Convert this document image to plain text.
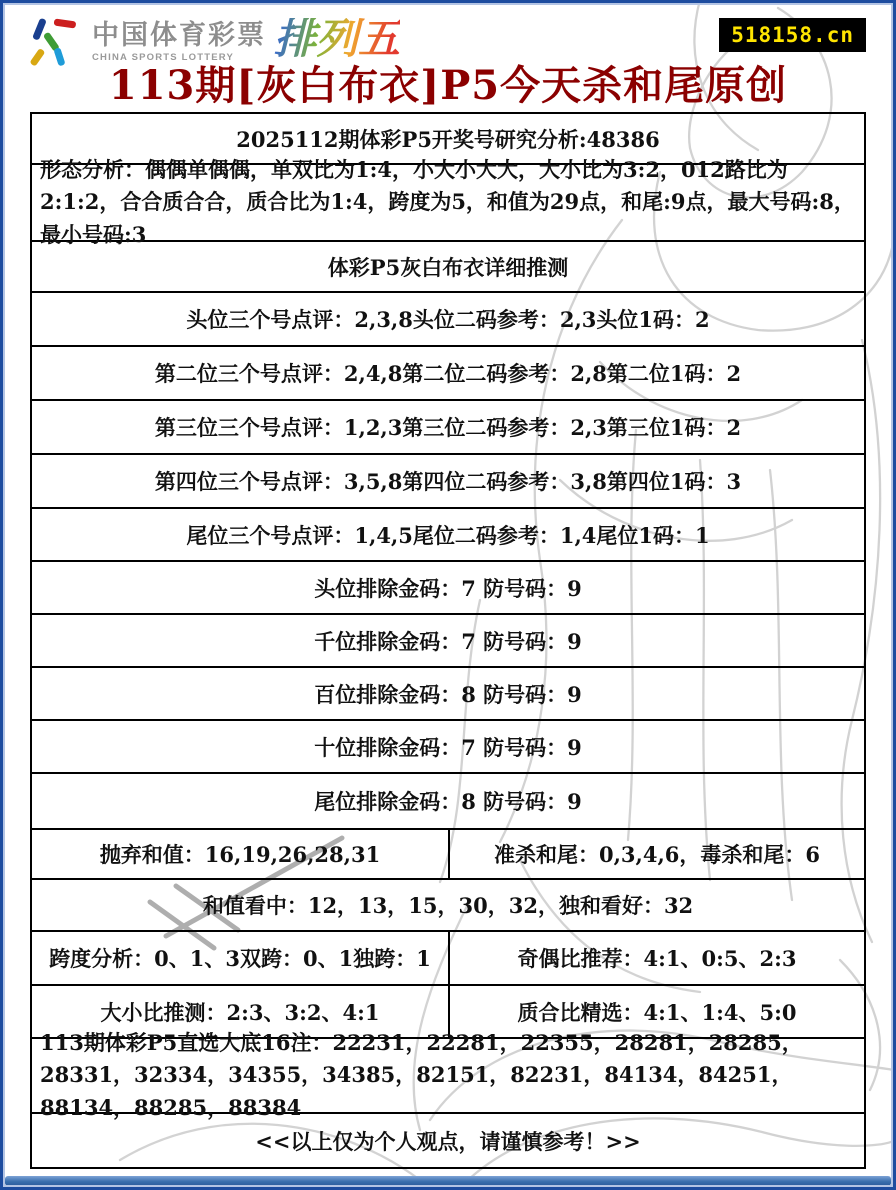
中国体育彩票
CHINA SPORTS LOTTERY 排列五	518158.cn
113期[灰白布衣]P5今天杀和尾原创
2025112期体彩P5开奖号研究分析:48386
形态分析：偶偶单偶偶，单双比为1:4，小大小大大，大小比为3:2，012路比为2:1:2，合合质合合，质合比为1:4，跨度为5，和值为29点，和尾:9点，最大号码:8，最小号码:3
体彩P5灰白布衣详细推测
头位三个号点评：2,3,8头位二码参考：2,3头位1码：2
第二位三个号点评：2,4,8第二位二码参考：2,8第二位1码：2
第三位三个号点评：1,2,3第三位二码参考：2,3第三位1码：2
第四位三个号点评：3,5,8第四位二码参考：3,8第四位1码：3
尾位三个号点评：1,4,5尾位二码参考：1,4尾位1码：1
头位排除金码：7 防号码：9
千位排除金码：7 防号码：9
百位排除金码：8 防号码：9
十位排除金码：7 防号码：9
尾位排除金码：8 防号码：9
抛弃和值：16,19,26,28,31	准杀和尾：0,3,4,6，毒杀和尾：6
和值看中：12，13，15，30，32，独和看好：32
跨度分析：0、1、3双跨：0、1独跨：1	奇偶比推荐：4:1、0:5、2:3
大小比推测：2:3、3:2、4:1	质合比精选：4:1、1:4、5:0
113期体彩P5直选大底16注：22231，22281，22355，28281，28285，28331，32334，34355，34385，82151，82231，84134，84251，88134，88285，88384
<<以上仅为个人观点，请谨慎参考！>>
